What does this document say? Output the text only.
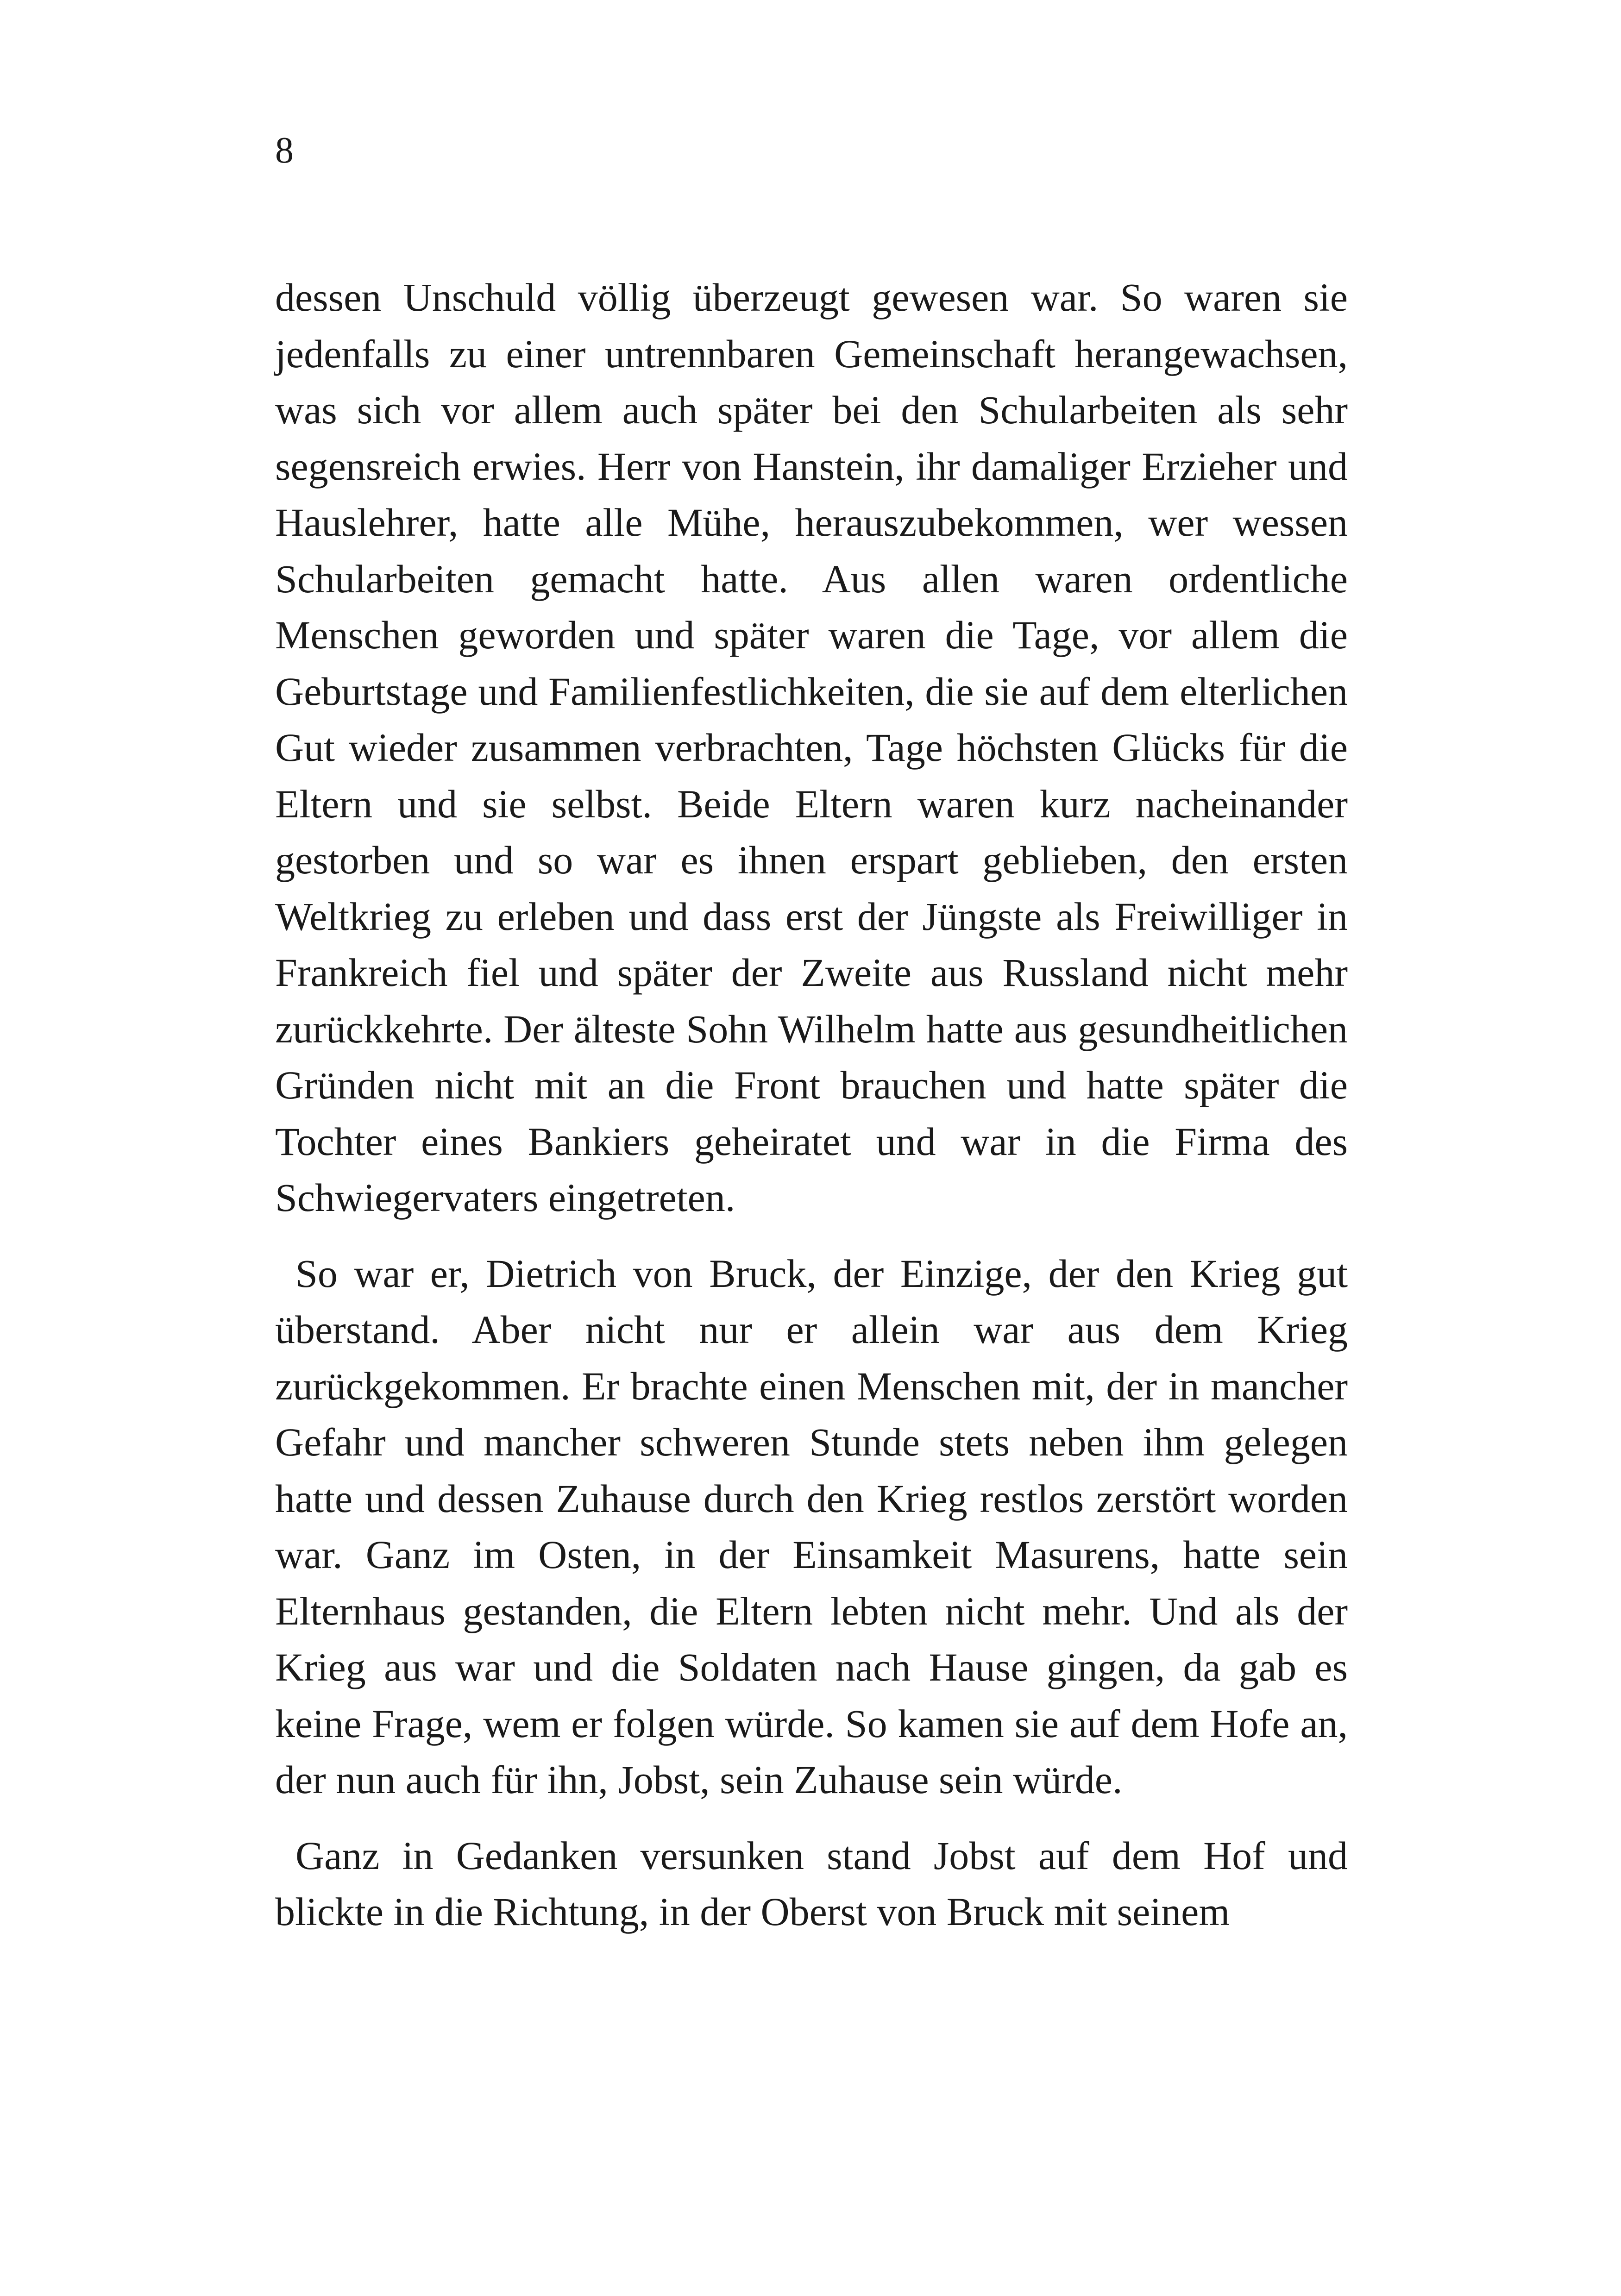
8

dessen Unschuld völlig überzeugt gewesen war. So waren sie jedenfalls zu einer untrennbaren Gemeinschaft herangewachsen, was sich vor allem auch später bei den Schularbeiten als sehr segensreich erwies. Herr von Hanstein, ihr damaliger Erzieher und Hauslehrer, hatte alle Mühe, herauszubekommen, wer wessen Schularbeiten gemacht hatte. Aus allen waren ordentliche Menschen geworden und später waren die Tage, vor allem die Geburtstage und Familienfestlichkeiten, die sie auf dem elterlichen Gut wieder zusammen verbrachten, Tage höchsten Glücks für die Eltern und sie selbst. Beide Eltern waren kurz nacheinander gestorben und so war es ihnen erspart geblieben, den ersten Weltkrieg zu erleben und dass erst der Jüngste als Freiwilliger in Frankreich fiel und später der Zweite aus Russland nicht mehr zurückkehrte. Der älteste Sohn Wilhelm hatte aus gesundheitlichen Gründen nicht mit an die Front brauchen und hatte später die Tochter eines Bankiers geheiratet und war in die Firma des Schwiegervaters eingetreten.

So war er, Dietrich von Bruck, der Einzige, der den Krieg gut überstand. Aber nicht nur er allein war aus dem Krieg zurückgekommen. Er brachte einen Menschen mit, der in mancher Gefahr und mancher schweren Stunde stets neben ihm gelegen hatte und dessen Zuhause durch den Krieg restlos zerstört worden war. Ganz im Osten, in der Einsamkeit Masurens, hatte sein Elternhaus gestanden, die Eltern lebten nicht mehr. Und als der Krieg aus war und die Soldaten nach Hause gingen, da gab es keine Frage, wem er folgen würde. So kamen sie auf dem Hofe an, der nun auch für ihn, Jobst, sein Zuhause sein würde.

Ganz in Gedanken versunken stand Jobst auf dem Hof und blickte in die Richtung, in der Oberst von Bruck mit seinem
